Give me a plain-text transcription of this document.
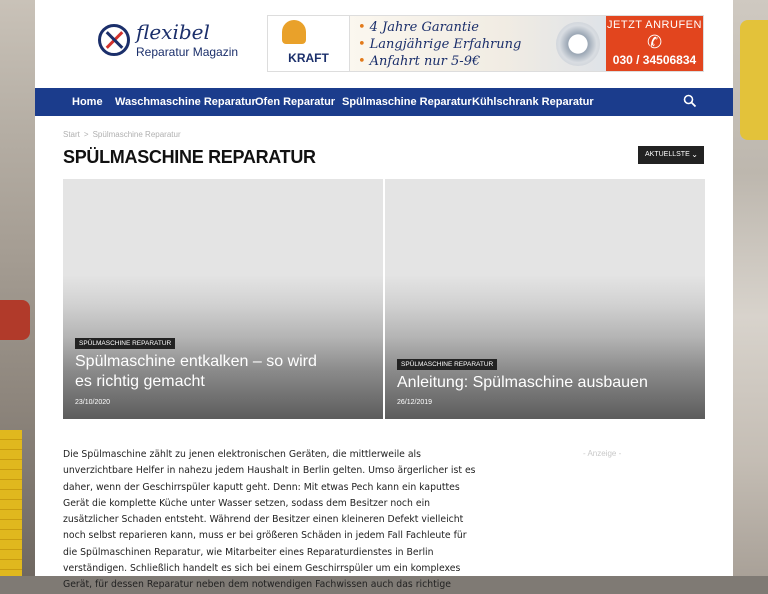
flexibel
Reparatur Magazin	KRAFT
• 4 Jahre Garantie
• Langjährige Erfahrung
• Anfahrt nur 5-9€
JETZT ANRUFEN
✆
030 / 34506834
Home Waschmaschine Reparatur Ofen Reparatur Spülmaschine Reparatur Kühlschrank Reparatur
Start > Spülmaschine Reparatur
SPÜLMASCHINE REPARATUR	AKTUELLSTE ⌄
SPÜLMASCHINE REPARATUR
Spülmaschine entkalken – so wird es richtig gemacht
23/10/2020
SPÜLMASCHINE REPARATUR
Anleitung: Spülmaschine ausbauen
26/12/2019

Die Spülmaschine zählt zu jenen elektronischen Geräten, die mittlerweile als unverzichtbare Helfer in nahezu jedem Haushalt in Berlin gelten. Umso ärgerlicher ist es daher, wenn der Geschirrspüler kaputt geht. Denn: Mit etwas Pech kann ein kaputtes Gerät die komplette Küche unter Wasser setzen, sodass dem Besitzer noch ein zusätzlicher Schaden entsteht. Während der Besitzer einen kleineren Defekt vielleicht noch selbst reparieren kann, muss er bei größeren Schäden in jedem Fall Fachleute für die Spülmaschinen Reparatur, wie Mitarbeiter eines Reparaturdienstes in Berlin verständigen. Schließlich handelt es sich bei einem Geschirrspüler um ein komplexes Gerät, für dessen Reparatur neben dem notwendigen Fachwissen auch das richtige

- Anzeige -
